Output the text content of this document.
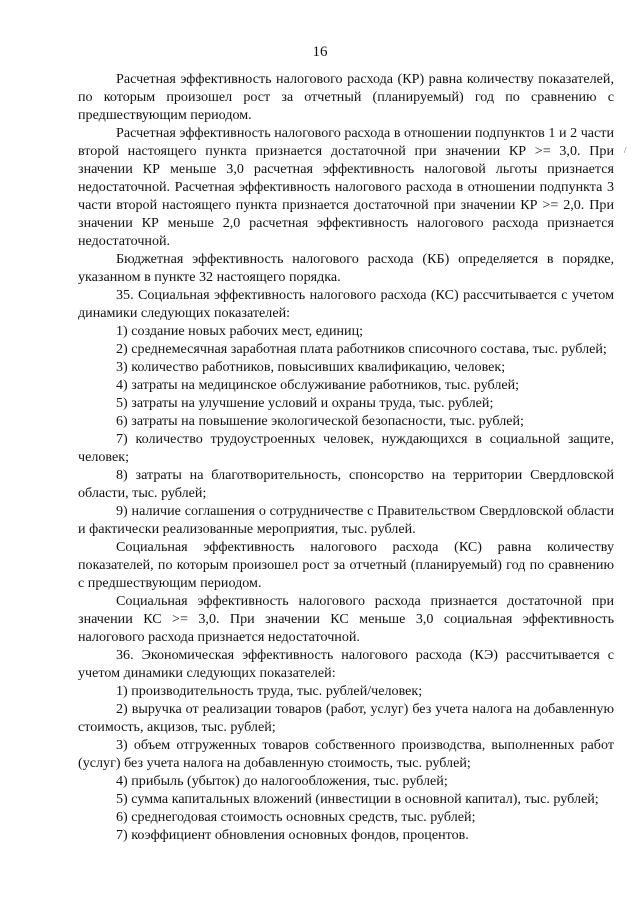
16
/

Расчетная эффективность налогового расхода (КР) равна количеству показателей, по которым произошел рост за отчетный (планируемый) год по сравнению с предшествующим периодом.

Расчетная эффективность налогового расхода в отношении подпунктов 1 и 2 части второй настоящего пункта признается достаточной при значении КР >= 3,0. При значении КР меньше 3,0 расчетная эффективность налоговой льготы признается недостаточной. Расчетная эффективность налогового расхода в отношении подпункта 3 части второй настоящего пункта признается достаточной при значении КР >= 2,0. При значении КР меньше 2,0 расчетная эффективность налогового расхода признается недостаточной.

Бюджетная эффективность налогового расхода (КБ) определяется в порядке, указанном в пункте 32 настоящего порядка.

35. Социальная эффективность налогового расхода (КС) рассчитывается с учетом динамики следующих показателей:

1) создание новых рабочих мест, единиц;

2) среднемесячная заработная плата работников списочного состава, тыс. рублей;

3) количество работников, повысивших квалификацию, человек;

4) затраты на медицинское обслуживание работников, тыс. рублей;

5) затраты на улучшение условий и охраны труда, тыс. рублей;

6) затраты на повышение экологической безопасности, тыс. рублей;

7) количество трудоустроенных человек, нуждающихся в социальной защите, человек;

8) затраты на благотворительность, спонсорство на территории Свердловской области, тыс. рублей;

9) наличие соглашения о сотрудничестве с Правительством Свердловской области и фактически реализованные мероприятия, тыс. рублей.

Социальная эффективность налогового расхода (КС) равна количеству показателей, по которым произошел рост за отчетный (планируемый) год по сравнению с предшествующим периодом.

Социальная эффективность налогового расхода признается достаточной при значении КС >= 3,0. При значении КС меньше 3,0 социальная эффективность налогового расхода признается недостаточной.

36. Экономическая эффективность налогового расхода (КЭ) рассчитывается с учетом динамики следующих показателей:

1) производительность труда, тыс. рублей/человек;

2) выручка от реализации товаров (работ, услуг) без учета налога на добавленную стоимость, акцизов, тыс. рублей;

3) объем отгруженных товаров собственного производства, выполненных работ (услуг) без учета налога на добавленную стоимость, тыс. рублей;

4) прибыль (убыток) до налогообложения, тыс. рублей;

5) сумма капитальных вложений (инвестиции в основной капитал), тыс. рублей;

6) среднегодовая стоимость основных средств, тыс. рублей;

7) коэффициент обновления основных фондов, процентов.
